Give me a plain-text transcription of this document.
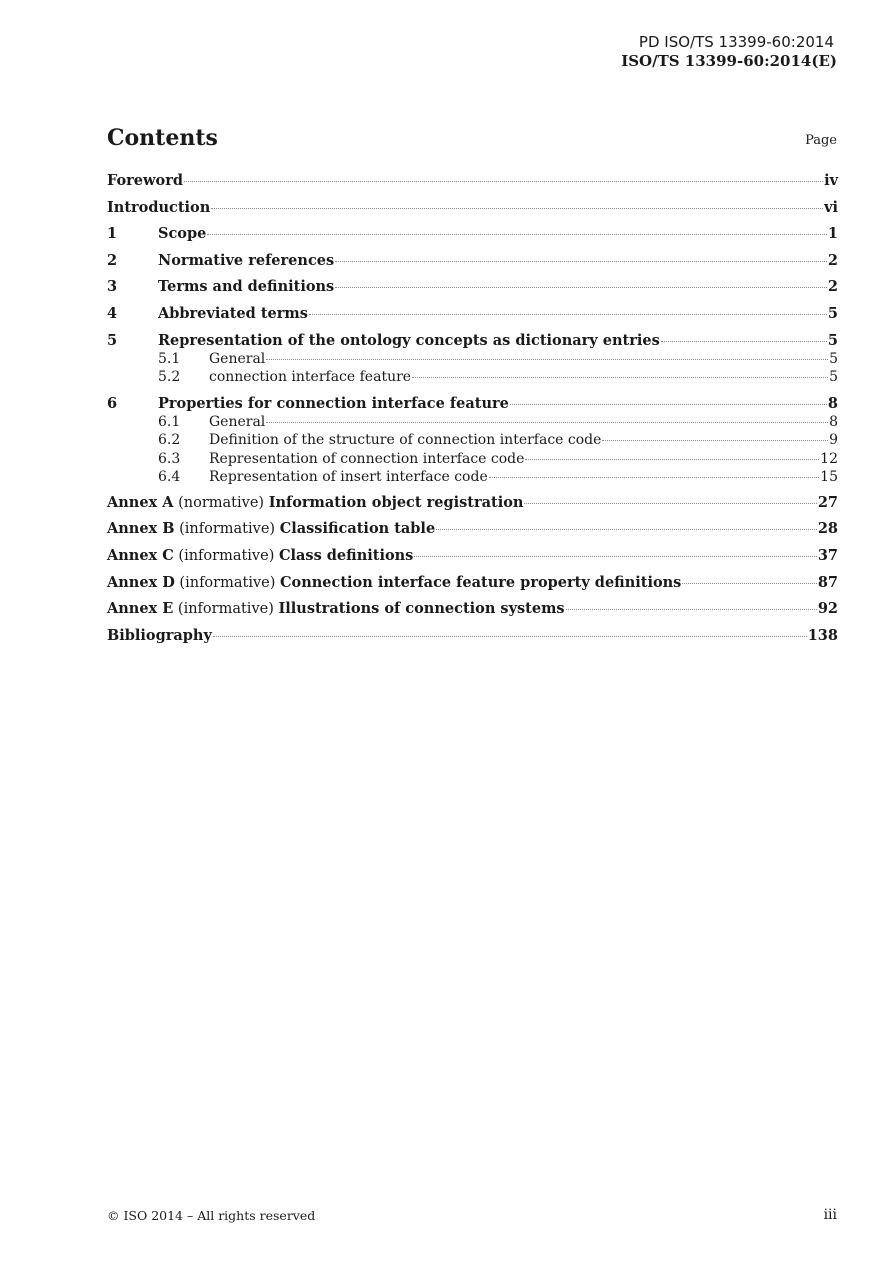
PD ISO/TS 13399-60:2014
ISO/TS 13399-60:2014(E)
Contents	Page
Foreword	iv
Introduction	vi
1	Scope	1
2	Normative references	2
3	Terms and definitions	2
4	Abbreviated terms	5
5	Representation of the ontology concepts as dictionary entries	5
5.1	General	5
5.2	connection interface feature	5
6	Properties for connection interface feature	8
6.1	General	8
6.2	Definition of the structure of connection interface code	9
6.3	Representation of connection interface code	12
6.4	Representation of insert interface code	15
Annex A (normative) Information object registration	27
Annex B (informative) Classification table	28
Annex C (informative) Class definitions	37
Annex D (informative) Connection interface feature property definitions	87
Annex E (informative) Illustrations of connection systems	92
Bibliography	138
© ISO 2014 – All rights reserved	iii
